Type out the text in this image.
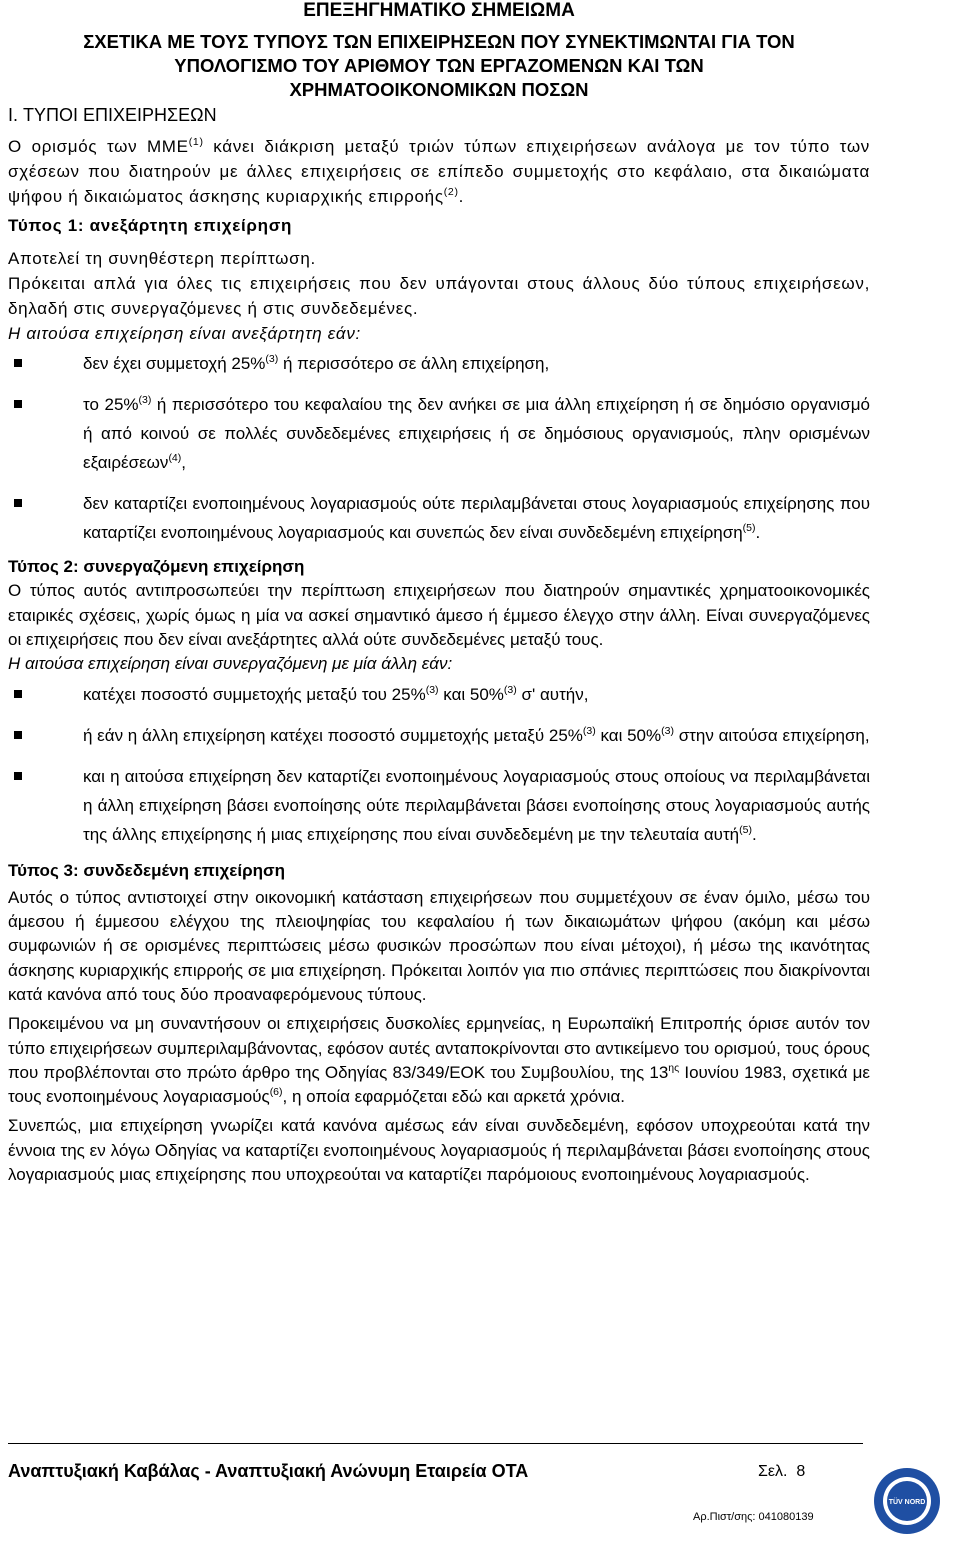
ΕΠΕΞΗΓΗΜΑΤΙΚΟ ΣΗΜΕΙΩΜΑ
ΣΧΕΤΙΚΑ ΜΕ ΤΟΥΣ ΤΥΠΟΥΣ ΤΩΝ ΕΠΙΧΕΙΡΗΣΕΩΝ ΠΟΥ ΣΥΝΕΚΤΙΜΩΝΤΑΙ ΓΙΑ ΤΟΝ
ΥΠΟΛΟΓΙΣΜΟ ΤΟΥ ΑΡΙΘΜΟΥ ΤΩΝ ΕΡΓΑΖΟΜΕΝΩΝ ΚΑΙ ΤΩΝ
ΧΡΗΜΑΤΟΟΙΚΟΝΟΜΙΚΩΝ ΠΟΣΩΝ
I. ΤΥΠΟΙ ΕΠΙΧΕΙΡΗΣΕΩΝ

Ο ορισμός των ΜΜΕ$^{(1)}$ κάνει διάκριση μεταξύ τριών τύπων επιχειρήσεων ανάλογα με τον τύπο των σχέσεων που διατηρούν με άλλες επιχειρήσεις σε επίπεδο συμμετοχής στο κεφάλαιο, στα δικαιώματα ψήφου ή δικαιώματος άσκησης κυριαρχικής επιρροής$^{(2)}$.

Τύπος 1: ανεξάρτητη επιχείρηση

Αποτελεί τη συνηθέστερη περίπτωση.

Πρόκειται απλά για όλες τις επιχειρήσεις που δεν υπάγονται στους άλλους δύο τύπους επιχειρήσεων, δηλαδή στις συνεργαζόμενες ή στις συνδεδεμένες.

Η αιτούσα επιχείρηση είναι ανεξάρτητη εάν:

δεν έχει συμμετοχή 25%$^{(3)}$ ή περισσότερο σε άλλη επιχείρηση,
το 25%$^{(3)}$ ή περισσότερο του κεφαλαίου της δεν ανήκει σε μια άλλη επιχείρηση ή σε δημόσιο οργανισμό ή από κοινού σε πολλές συνδεδεμένες επιχειρήσεις ή σε δημόσιους οργανισμούς, πλην ορισμένων εξαιρέσεων$^{(4)}$,
δεν καταρτίζει ενοποιημένους λογαριασμούς ούτε περιλαμβάνεται στους λογαριασμούς επιχείρησης που καταρτίζει ενοποιημένους λογαριασμούς και συνεπώς δεν είναι συνδεδεμένη επιχείρηση$^{(5)}$.

Τύπος 2: συνεργαζόμενη επιχείρηση

Ο τύπος αυτός αντιπροσωπεύει την περίπτωση επιχειρήσεων που διατηρούν σημαντικές χρηματοοικονομικές εταιρικές σχέσεις, χωρίς όμως η μία να ασκεί σημαντικό άμεσο ή έμμεσο έλεγχο στην άλλη. Είναι συνεργαζόμενες οι επιχειρήσεις που δεν είναι ανεξάρτητες αλλά ούτε συνδεδεμένες μεταξύ τους.

Η αιτούσα επιχείρηση είναι συνεργαζόμενη με μία άλλη εάν:

κατέχει ποσοστό συμμετοχής μεταξύ του 25%$^{(3)}$ και 50%$^{(3)}$ σ' αυτήν,
ή εάν η άλλη επιχείρηση κατέχει ποσοστό συμμετοχής μεταξύ 25%$^{(3)}$ και 50%$^{(3)}$ στην αιτούσα επιχείρηση,
και η αιτούσα επιχείρηση δεν καταρτίζει ενοποιημένους λογαριασμούς στους οποίους να περιλαμβάνεται η άλλη επιχείρηση βάσει ενοποίησης ούτε περιλαμβάνεται βάσει ενοποίησης στους λογαριασμούς αυτής της άλλης επιχείρησης ή μιας επιχείρησης που είναι συνδεδεμένη με την τελευταία αυτή$^{(5)}$.

Τύπος 3: συνδεδεμένη επιχείρηση

Αυτός ο τύπος αντιστοιχεί στην οικονομική κατάσταση επιχειρήσεων που συμμετέχουν σε έναν όμιλο, μέσω του άμεσου ή έμμεσου ελέγχου της πλειοψηφίας του κεφαλαίου ή των δικαιωμάτων ψήφου (ακόμη και μέσω συμφωνιών ή σε ορισμένες περιπτώσεις μέσω φυσικών προσώπων που είναι μέτοχοι), ή μέσω της ικανότητας άσκησης κυριαρχικής επιρροής σε μια επιχείρηση. Πρόκειται λοιπόν για πιο σπάνιες περιπτώσεις που διακρίνονται κατά κανόνα από τους δύο προαναφερόμενους τύπους.

Προκειμένου να μη συναντήσουν οι επιχειρήσεις δυσκολίες ερμηνείας, η Ευρωπαϊκή Επιτροπής όρισε αυτόν τον τύπο επιχειρήσεων συμπεριλαμβάνοντας, εφόσον αυτές ανταποκρίνονται στο αντικείμενο του ορισμού, τους όρους που προβλέπονται στο πρώτο άρθρο της Οδηγίας 83/349/ΕΟΚ του Συμβουλίου, της $13^{\eta\varsigma}$ Ιουνίου 1983, σχετικά με τους ενοποιημένους λογαριασμούς$^{(6)}$, η οποία εφαρμόζεται εδώ και αρκετά χρόνια.

Συνεπώς, μια επιχείρηση γνωρίζει κατά κανόνα αμέσως εάν είναι συνδεδεμένη, εφόσον υποχρεούται κατά την έννοια της εν λόγω Οδηγίας να καταρτίζει ενοποιημένους λογαριασμούς ή περιλαμβάνεται βάσει ενοποίησης στους λογαριασμούς μιας επιχείρησης που υποχρεούται να καταρτίζει παρόμοιους ενοποιημένους λογαριασμούς.

Αναπτυξιακή Καβάλας - Αναπτυξιακή Ανώνυμη Εταιρεία ΟΤΑ	Σελ. 8
Αρ.Πιστ/σης: 041080139
TÜV NORD
